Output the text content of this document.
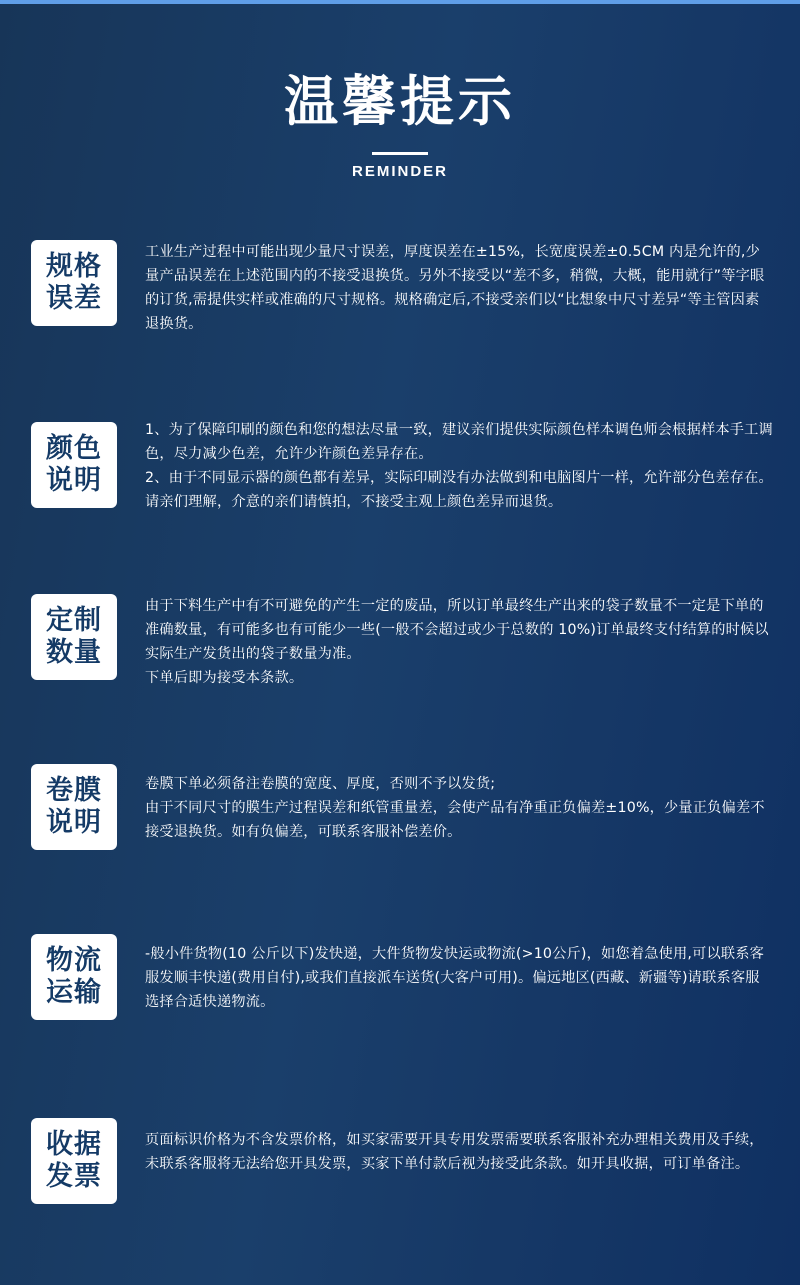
温馨提示
REMINDER
规格
误差

工业生产过程中可能出现少量尺寸误差，厚度误差在±15%，长宽度误差±0.5CM 内是允许的,少量产品误差在上述范围内的不接受退换货。另外不接受以“差不多，稍微，大概，能用就行”等字眼的订货,需提供实样或准确的尺寸规格。规格确定后,不接受亲们以“比想象中尺寸差异“等主管因素退换货。

颜色
说明

1、为了保障印刷的颜色和您的想法尽量一致，建议亲们提供实际颜色样本调色师会根据样本手工调色，尽力减少色差，允许少许颜色差异存在。

2、由于不同显示器的颜色都有差异，实际印刷没有办法做到和电脑图片一样，允许部分色差存在。请亲们理解，介意的亲们请慎拍，不接受主观上颜色差异而退货。

定制
数量

由于下料生产中有不可避免的产生一定的废品，所以订单最终生产出来的袋子数量不一定是下单的准确数量，有可能多也有可能少一些(一般不会超过或少于总数的 10%)订单最终支付结算的时候以实际生产发货出的袋子数量为准。

下单后即为接受本条款。

卷膜
说明

卷膜下单必须备注卷膜的宽度、厚度，否则不予以发货;

由于不同尺寸的膜生产过程误差和纸管重量差，会使产品有净重正负偏差±10%，少量正负偏差不接受退换货。如有负偏差，可联系客服补偿差价。

物流
运输

-般小件货物(10 公斤以下)发快递，大件货物发快运或物流(>10公斤)，如您着急使用,可以联系客服发顺丰快递(费用自付),或我们直接派车送货(大客户可用)。偏远地区(西藏、新疆等)请联系客服选择合适快递物流。

收据
发票

页面标识价格为不含发票价格，如买家需要开具专用发票需要联系客服补充办理相关费用及手续，未联系客服将无法给您开具发票，买家下单付款后视为接受此条款。如开具收据，可订单备注。
